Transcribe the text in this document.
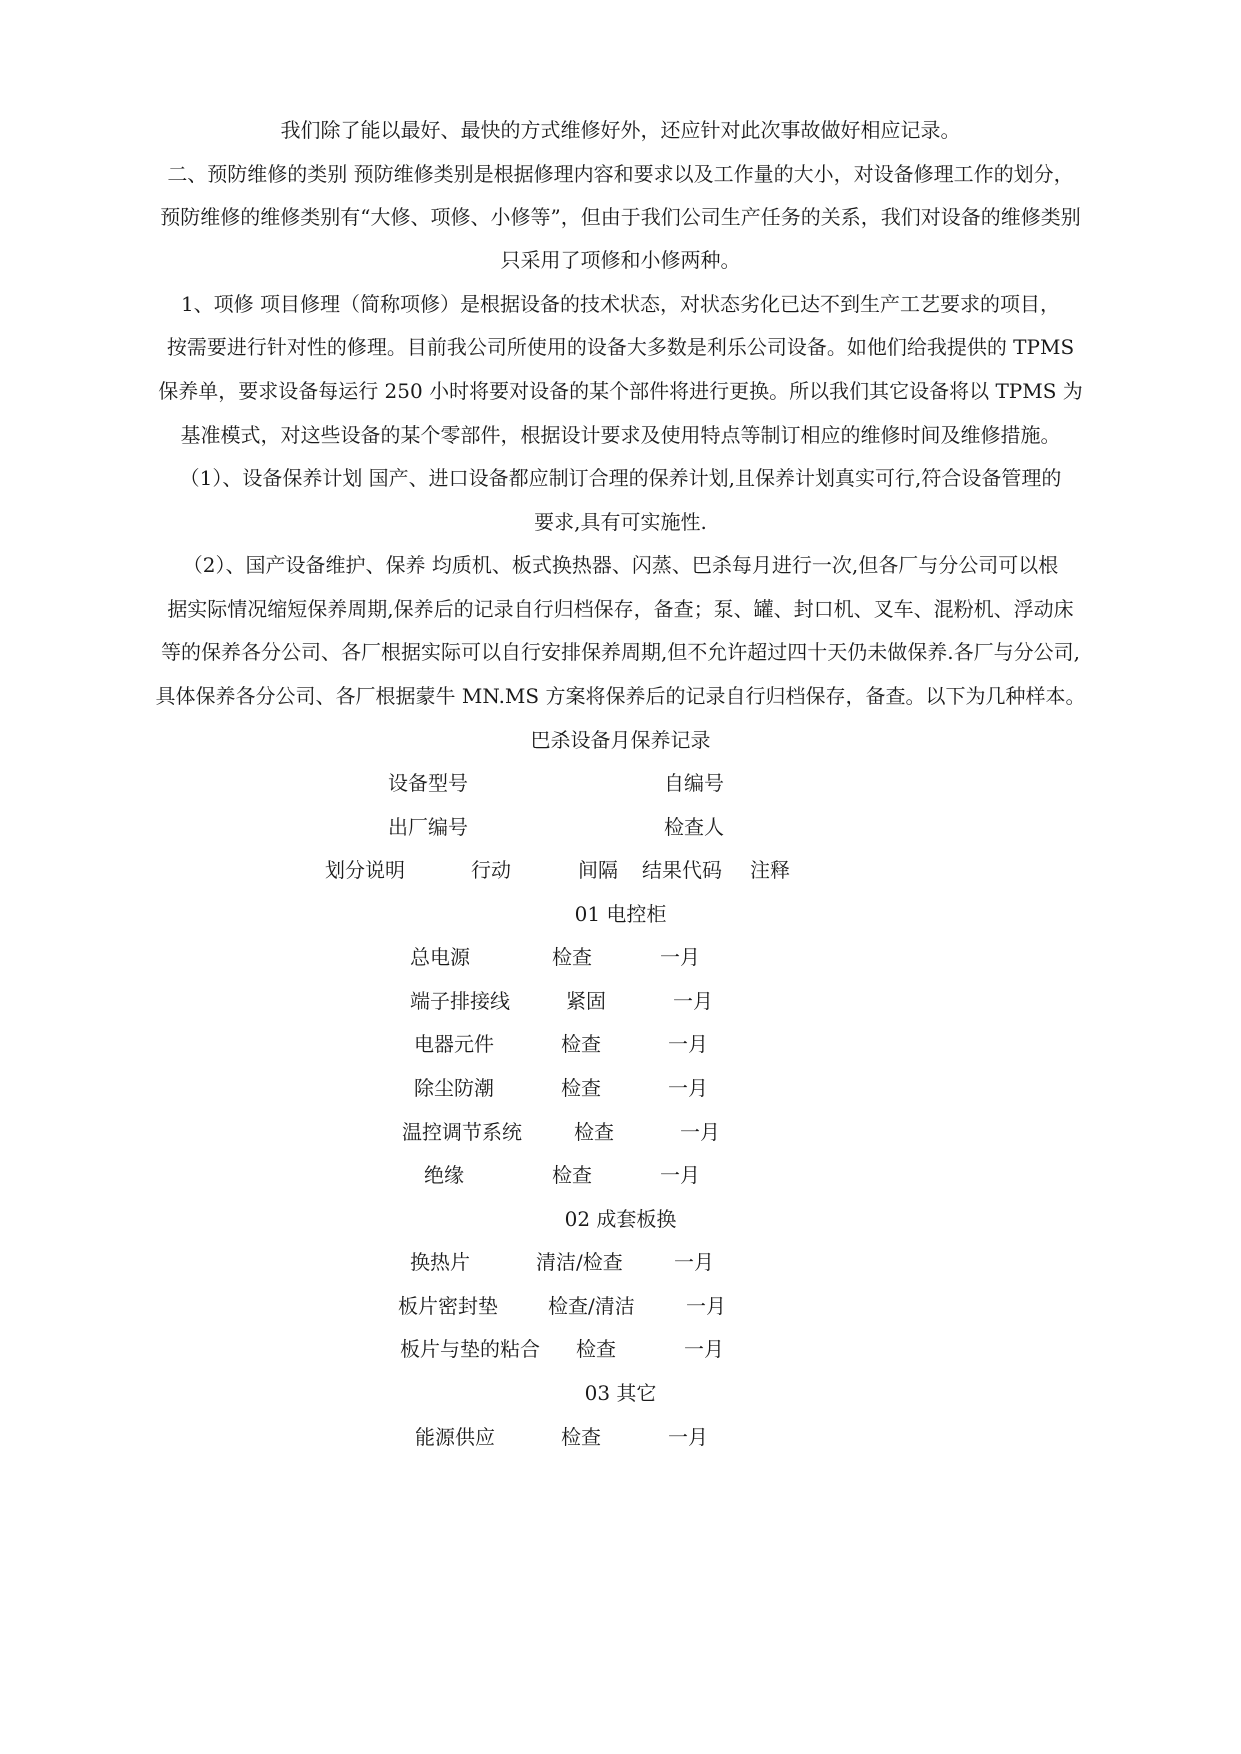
我们除了能以最好、最快的方式维修好外，还应针对此次事故做好相应记录。
二、预防维修的类别 预防维修类别是根据修理内容和要求以及工作量的大小，对设备修理工作的划分，
预防维修的维修类别有“大修、项修、小修等”，但由于我们公司生产任务的关系，我们对设备的维修类别
只采用了项修和小修两种。
1、项修 项目修理（简称项修）是根据设备的技术状态，对状态劣化已达不到生产工艺要求的项目，
按需要进行针对性的修理。目前我公司所使用的设备大多数是利乐公司设备。如他们给我提供的 TPMS
保养单，要求设备每运行 250 小时将要对设备的某个部件将进行更换。所以我们其它设备将以 TPMS 为
基准模式，对这些设备的某个零部件，根据设计要求及使用特点等制订相应的维修时间及维修措施。
（1）、设备保养计划 国产、进口设备都应制订合理的保养计划,且保养计划真实可行,符合设备管理的
要求,具有可实施性.
（2）、国产设备维护、保养 均质机、板式换热器、闪蒸、巴杀每月进行一次,但各厂与分公司可以根
据实际情况缩短保养周期,保养后的记录自行归档保存，备查；泵、罐、封口机、叉车、混粉机、浮动床
等的保养各分公司、各厂根据实际可以自行安排保养周期,但不允许超过四十天仍未做保养.各厂与分公司,
具体保养各分公司、各厂根据蒙牛 MN.MS 方案将保养后的记录自行归档保存，备查。以下为几种样本。
巴杀设备月保养记录
设备型号	自编号
出厂编号	检查人
划分说明	行动	间隔 结果代码 注释
01 电控柜
总电源	检查	一月
端子排接线	紧固	一月
电器元件	检查	一月
除尘防潮	检查	一月
温控调节系统	检查	一月
绝缘	检查	一月
02 成套板换
换热片	清洁/检查	一月
板片密封垫	检查/清洁	一月
板片与垫的粘合 检查	一月
03 其它
能源供应	检查	一月
